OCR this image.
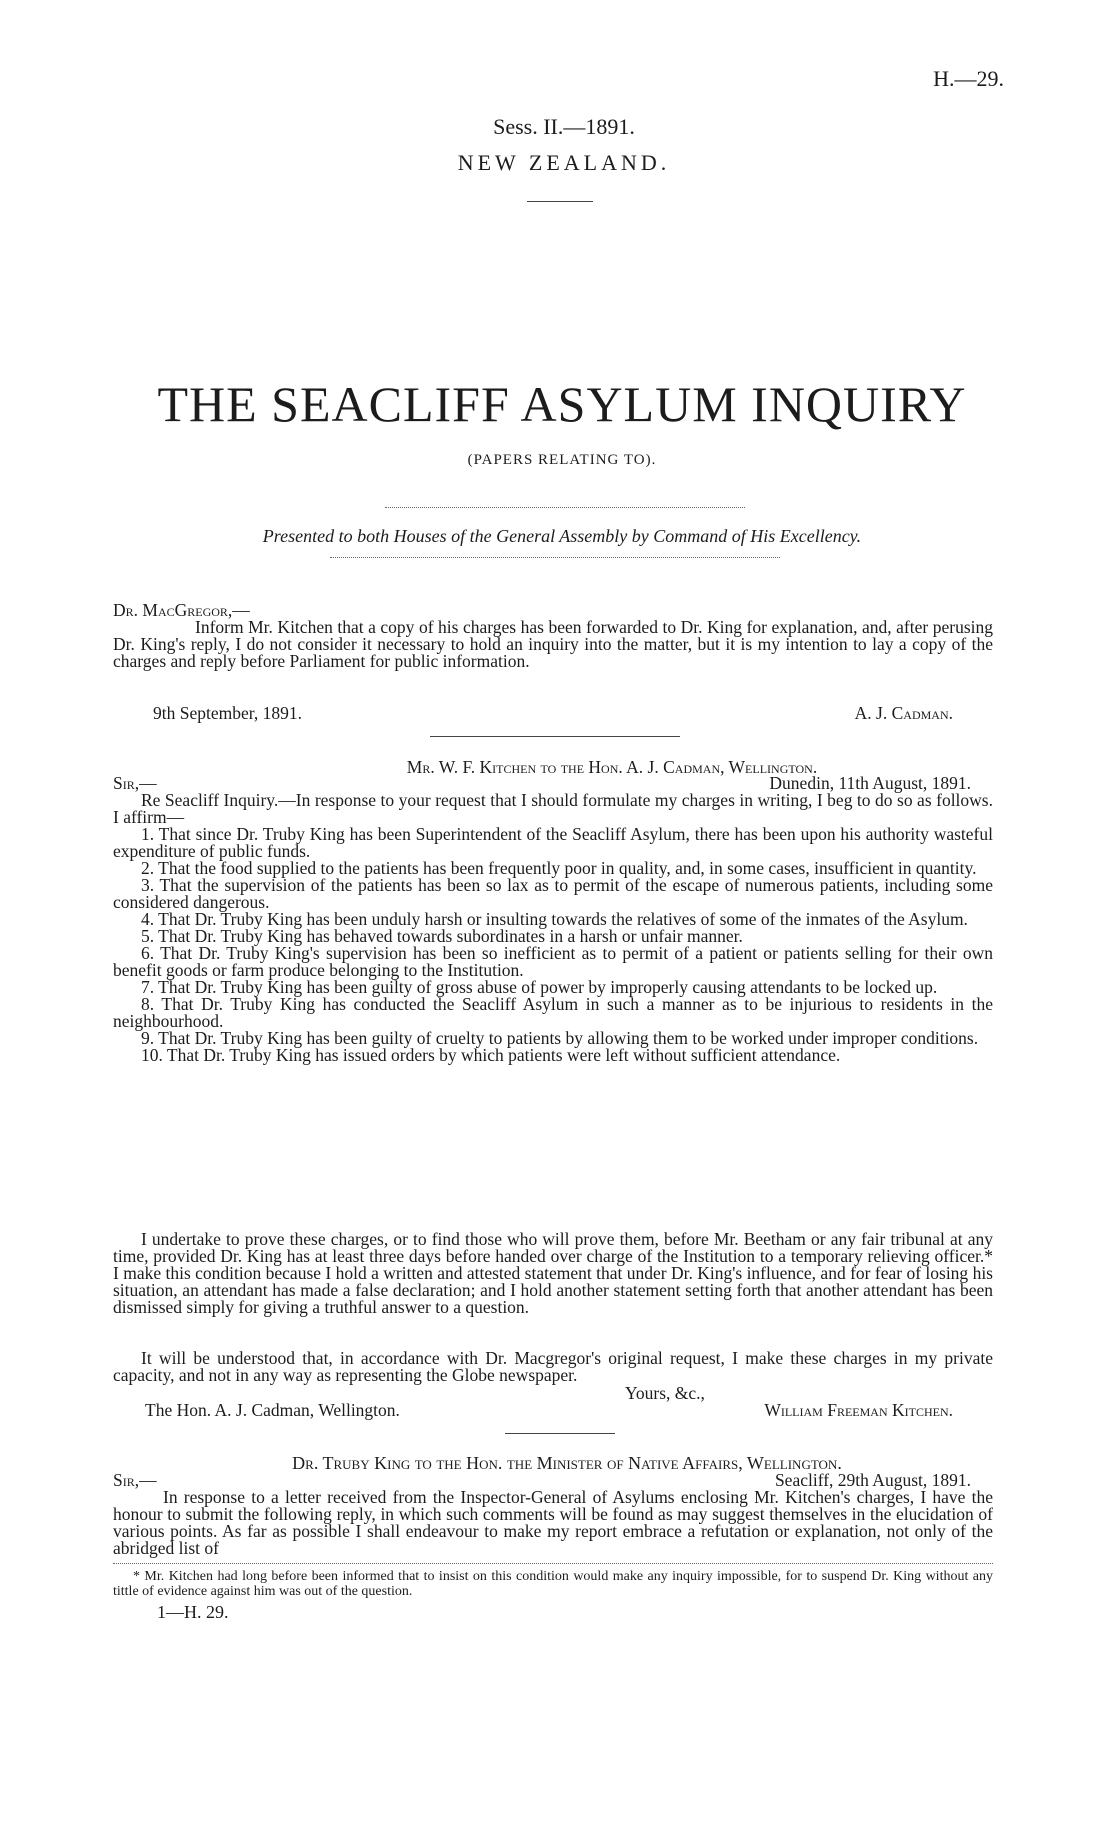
H.—29.
Sess. II.—1891.
NEW ZEALAND.
THE SEACLIFF ASYLUM INQUIRY
(PAPERS RELATING TO).
Presented to both Houses of the General Assembly by Command of His Excellency.
Dr. MacGregor,—
Inform Mr. Kitchen that a copy of his charges has been forwarded to Dr. King for explanation, and, after perusing Dr. King's reply, I do not consider it necessary to hold an inquiry into the matter, but it is my intention to lay a copy of the charges and reply before Parliament for public information.
9th September, 1891.	A. J. Cadman.
Mr. W. F. Kitchen to the Hon. A. J. Cadman, Wellington.
Sir,—	Dunedin, 11th August, 1891.
Re Seacliff Inquiry.—In response to your request that I should formulate my charges in writing, I beg to do so as follows. I affirm—
1. That since Dr. Truby King has been Superintendent of the Seacliff Asylum, there has been upon his authority wasteful expenditure of public funds.
2. That the food supplied to the patients has been frequently poor in quality, and, in some cases, insufficient in quantity.
3. That the supervision of the patients has been so lax as to permit of the escape of numerous patients, including some considered dangerous.
4. That Dr. Truby King has been unduly harsh or insulting towards the relatives of some of the inmates of the Asylum.
5. That Dr. Truby King has behaved towards subordinates in a harsh or unfair manner.
6. That Dr. Truby King's supervision has been so inefficient as to permit of a patient or patients selling for their own benefit goods or farm produce belonging to the Institution.
7. That Dr. Truby King has been guilty of gross abuse of power by improperly causing attendants to be locked up.
8. That Dr. Truby King has conducted the Seacliff Asylum in such a manner as to be injurious to residents in the neighbourhood.
9. That Dr. Truby King has been guilty of cruelty to patients by allowing them to be worked under improper conditions.
10. That Dr. Truby King has issued orders by which patients were left without sufficient attendance.
I undertake to prove these charges, or to find those who will prove them, before Mr. Beetham or any fair tribunal at any time, provided Dr. King has at least three days before handed over charge of the Institution to a temporary relieving officer.* I make this condition because I hold a written and attested statement that under Dr. King's influence, and for fear of losing his situation, an attendant has made a false declaration; and I hold another statement setting forth that another attendant has been dismissed simply for giving a truthful answer to a question.
It will be understood that, in accordance with Dr. Macgregor's original request, I make these charges in my private capacity, and not in any way as representing the Globe newspaper.
Yours, &c.,
The Hon. A. J. Cadman, Wellington.	William Freeman Kitchen.
Dr. Truby King to the Hon. the Minister of Native Affairs, Wellington.
Sir,—	Seacliff, 29th August, 1891.
In response to a letter received from the Inspector-General of Asylums enclosing Mr. Kitchen's charges, I have the honour to submit the following reply, in which such comments will be found as may suggest themselves in the elucidation of various points. As far as possible I shall endeavour to make my report embrace a refutation or explanation, not only of the abridged list of
* Mr. Kitchen had long before been informed that to insist on this condition would make any inquiry impossible, for to suspend Dr. King without any tittle of evidence against him was out of the question.
1—H. 29.
